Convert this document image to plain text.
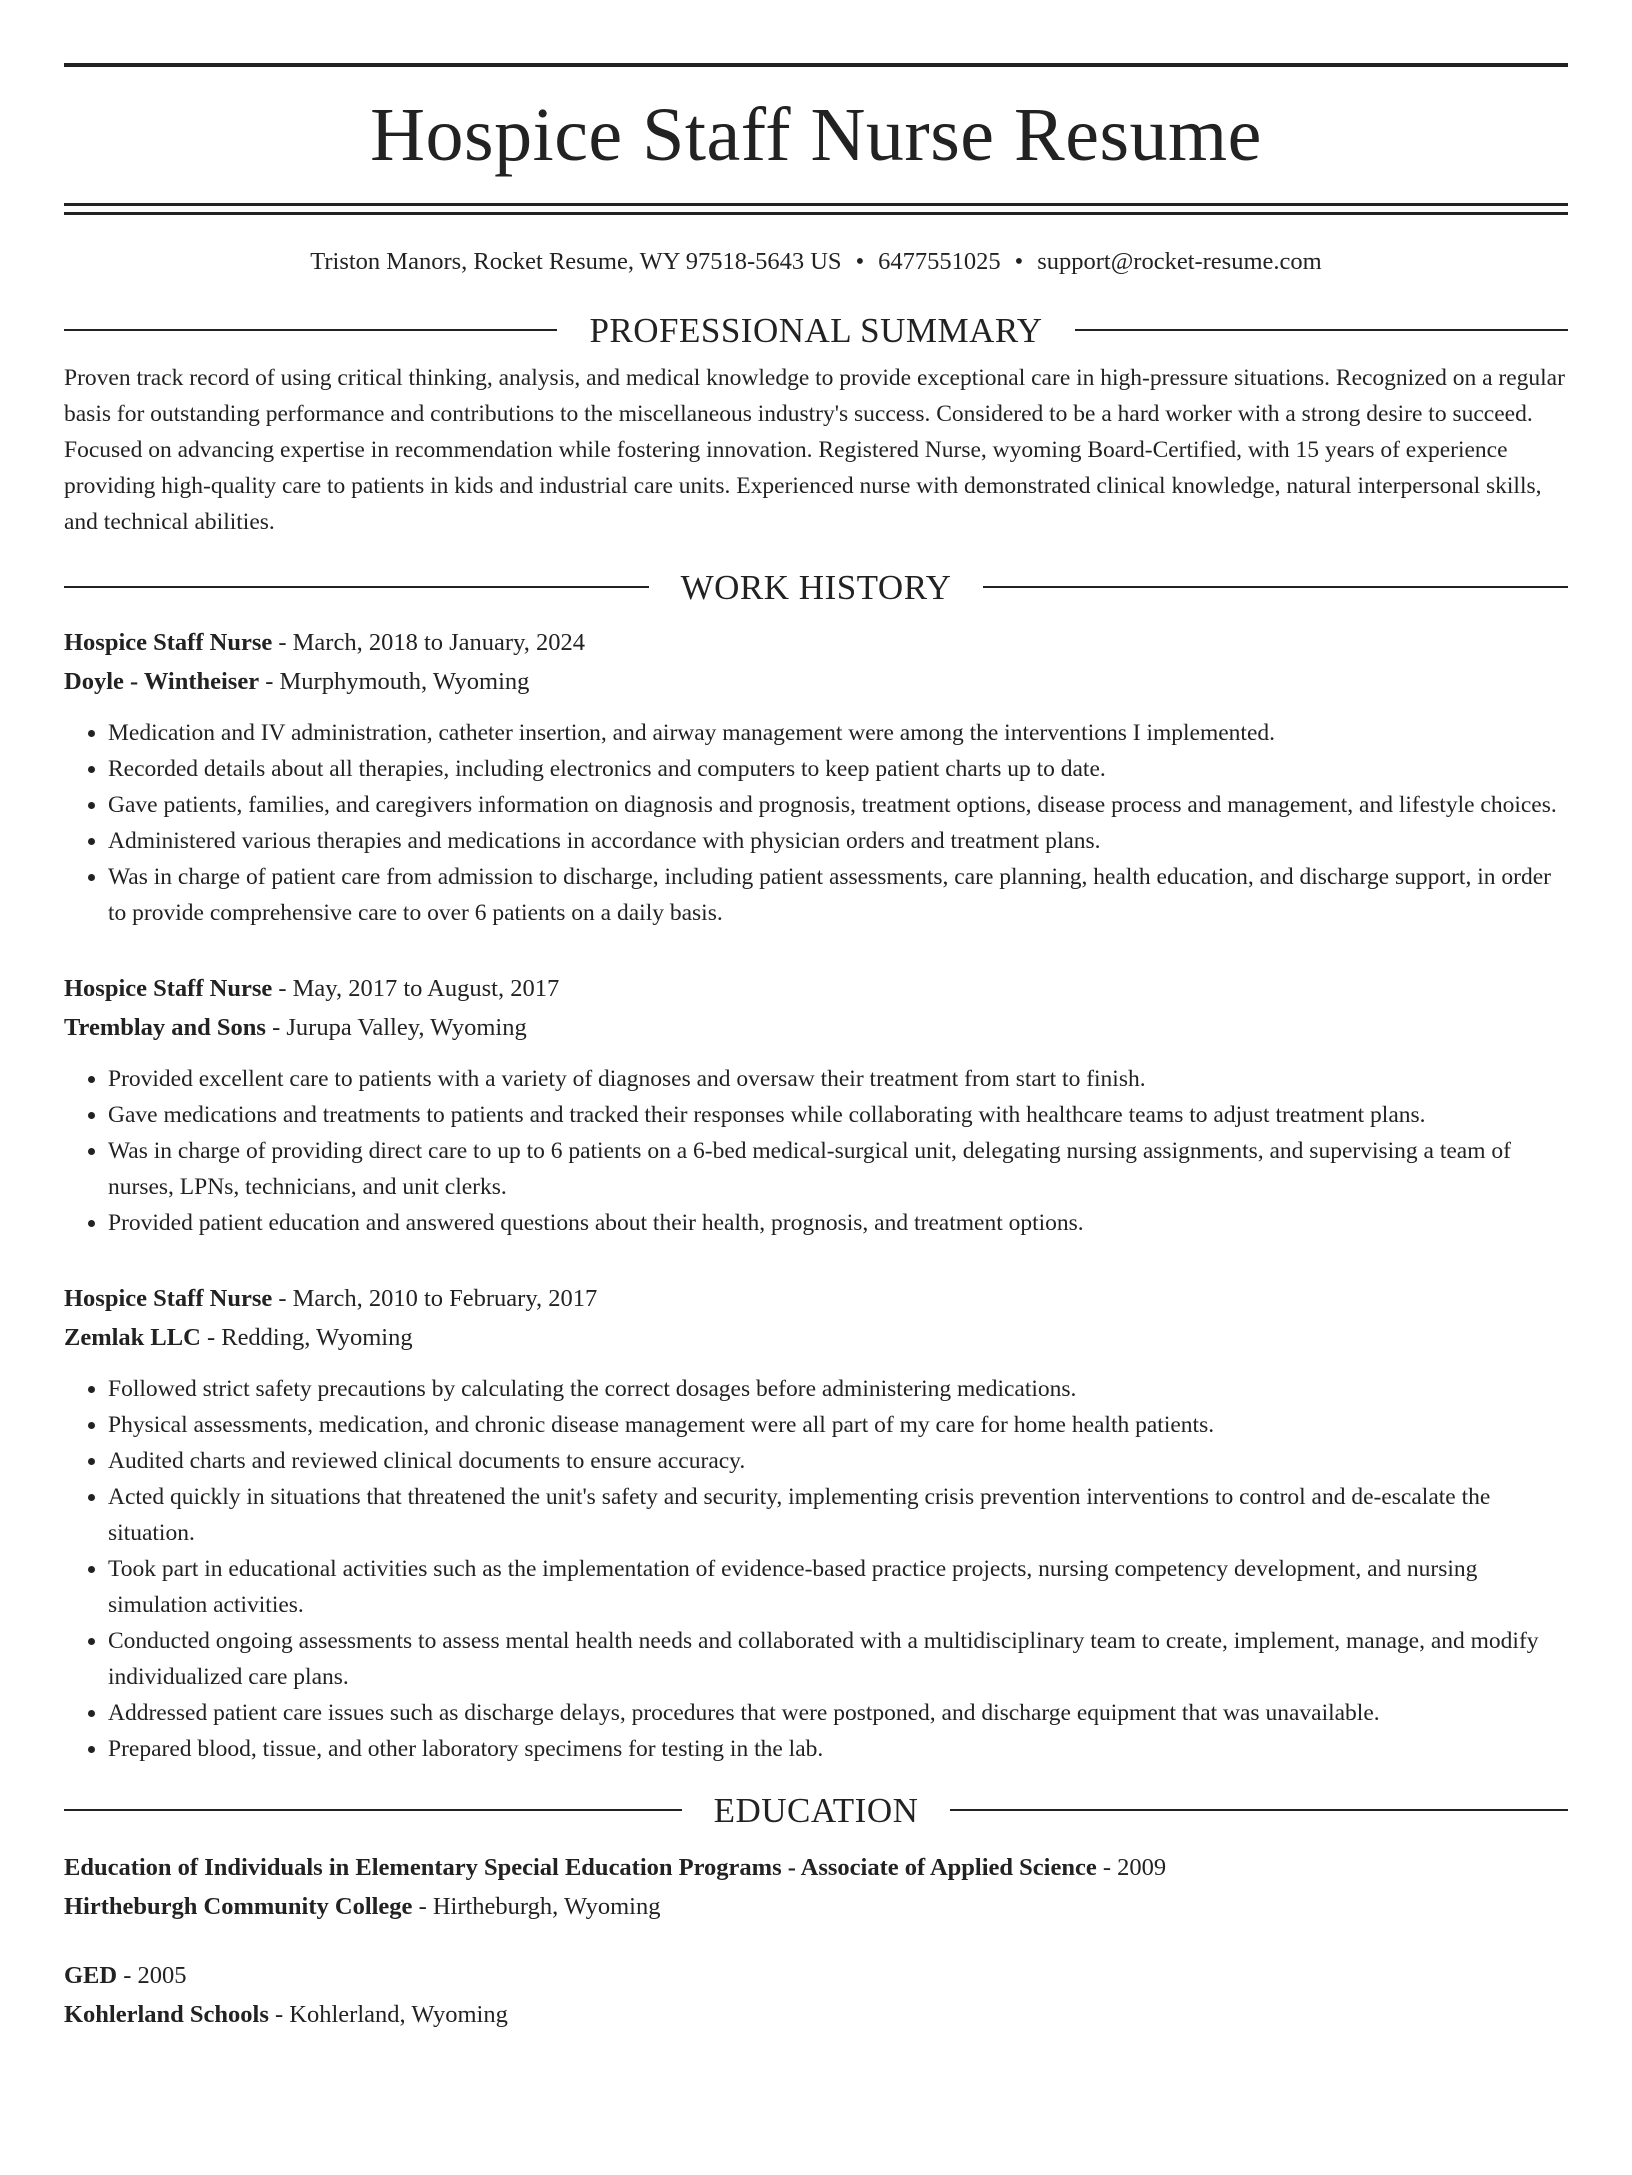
Hospice Staff Nurse Resume
Triston Manors, Rocket Resume, WY 97518-5643 US • 6477551025 • support@rocket-resume.com
PROFESSIONAL SUMMARY
Proven track record of using critical thinking, analysis, and medical knowledge to provide exceptional care in high-pressure situations. Recognized on a regular basis for outstanding performance and contributions to the miscellaneous industry's success. Considered to be a hard worker with a strong desire to succeed. Focused on advancing expertise in recommendation while fostering innovation. Registered Nurse, wyoming Board-Certified, with 15 years of experience providing high-quality care to patients in kids and industrial care units. Experienced nurse with demonstrated clinical knowledge, natural interpersonal skills, and technical abilities.
WORK HISTORY
Hospice Staff Nurse - March, 2018 to January, 2024
Doyle - Wintheiser - Murphymouth, Wyoming
• Medication and IV administration, catheter insertion, and airway management were among the interventions I implemented.
• Recorded details about all therapies, including electronics and computers to keep patient charts up to date.
• Gave patients, families, and caregivers information on diagnosis and prognosis, treatment options, disease process and management, and lifestyle choices.
• Administered various therapies and medications in accordance with physician orders and treatment plans.
• Was in charge of patient care from admission to discharge, including patient assessments, care planning, health education, and discharge support, in order to provide comprehensive care to over 6 patients on a daily basis.
Hospice Staff Nurse - May, 2017 to August, 2017
Tremblay and Sons - Jurupa Valley, Wyoming
• Provided excellent care to patients with a variety of diagnoses and oversaw their treatment from start to finish.
• Gave medications and treatments to patients and tracked their responses while collaborating with healthcare teams to adjust treatment plans.
• Was in charge of providing direct care to up to 6 patients on a 6-bed medical-surgical unit, delegating nursing assignments, and supervising a team of nurses, LPNs, technicians, and unit clerks.
• Provided patient education and answered questions about their health, prognosis, and treatment options.
Hospice Staff Nurse - March, 2010 to February, 2017
Zemlak LLC - Redding, Wyoming
• Followed strict safety precautions by calculating the correct dosages before administering medications.
• Physical assessments, medication, and chronic disease management were all part of my care for home health patients.
• Audited charts and reviewed clinical documents to ensure accuracy.
• Acted quickly in situations that threatened the unit's safety and security, implementing crisis prevention interventions to control and de-escalate the situation.
• Took part in educational activities such as the implementation of evidence-based practice projects, nursing competency development, and nursing simulation activities.
• Conducted ongoing assessments to assess mental health needs and collaborated with a multidisciplinary team to create, implement, manage, and modify individualized care plans.
• Addressed patient care issues such as discharge delays, procedures that were postponed, and discharge equipment that was unavailable.
• Prepared blood, tissue, and other laboratory specimens for testing in the lab.
EDUCATION
Education of Individuals in Elementary Special Education Programs - Associate of Applied Science - 2009
Hirtheburgh Community College - Hirtheburgh, Wyoming
GED - 2005
Kohlerland Schools - Kohlerland, Wyoming
